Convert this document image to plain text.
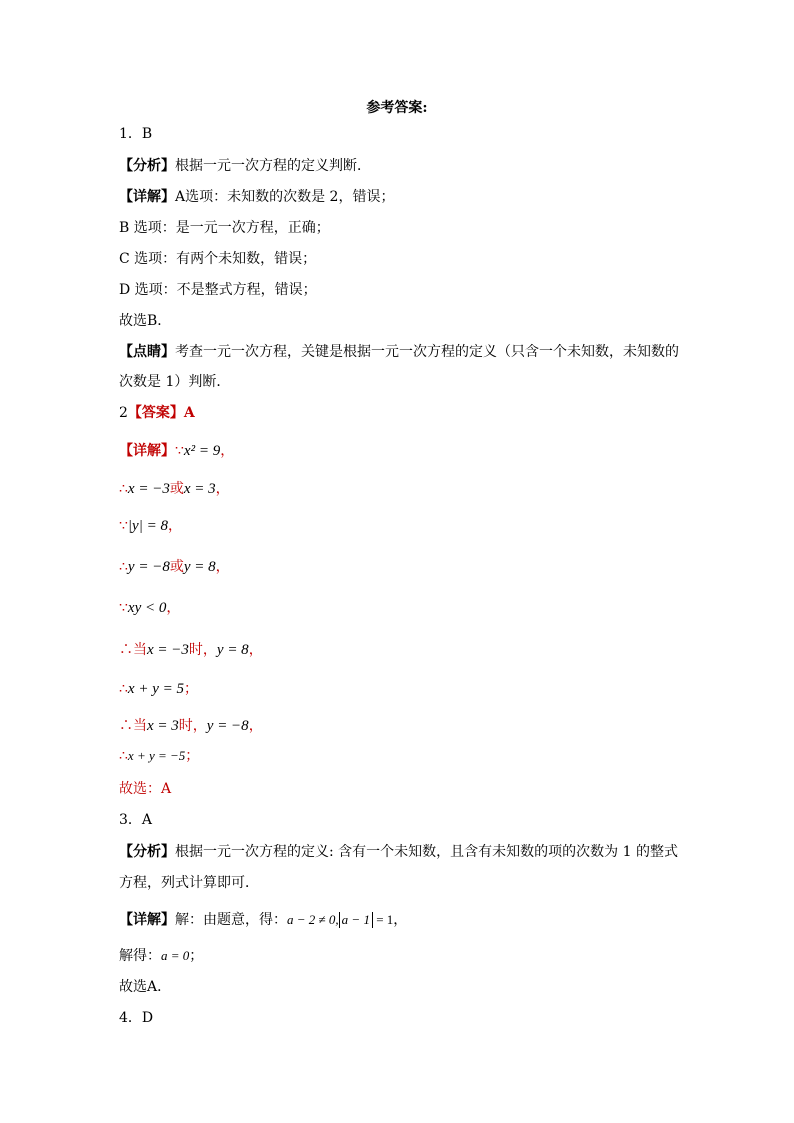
参考答案:
1．B
【分析】根据一元一次方程的定义判断．
【详解】A选项：未知数的次数是 2，错误；
B 选项：是一元一次方程，正确；
C 选项：有两个未知数，错误；
D 选项：不是整式方程，错误；
故选B．
【点睛】考查一元一次方程，关键是根据一元一次方程的定义（只含一个未知数，未知数的
次数是 1）判断．
2【答案】A
【详解】∵x² = 9，
∴x = −3或x = 3，
∵|y| = 8，
∴y = −8或y = 8，
∵xy < 0，
∴当x = −3时，y = 8，
∴x + y = 5；
∴当x = 3时，y = −8，
∴x + y = −5；
故选：A
3．A
【分析】根据一元一次方程的定义: 含有一个未知数，且含有未知数的项的次数为 1 的整式
方程，列式计算即可．
【详解】解：由题意，得：a − 2 ≠ 0, a − 1 = 1，
解得：a = 0；
故选A．
4．D
